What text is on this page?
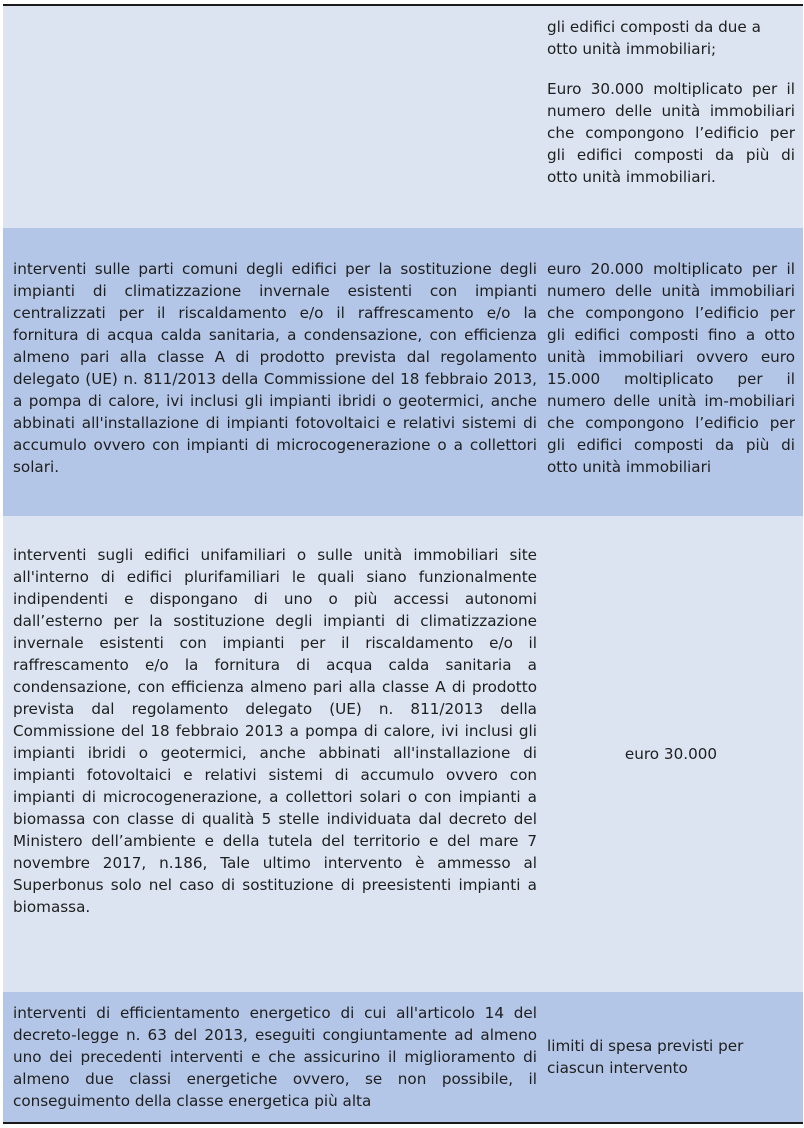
gli edifici composti da due a otto unità immobiliari;

Euro 30.000 moltiplicato per il numero delle unità immobiliari che compongono l’edificio per gli edifici composti da più di otto unità immobiliari.

interventi sulle parti comuni degli edifici per la sostituzione degli impianti di climatizzazione invernale esistenti con impianti centralizzati per il riscaldamento e/o il raffrescamento e/o la fornitura di acqua calda sanitaria, a condensazione, con efficienza almeno pari alla classe A di prodotto prevista dal regolamento delegato (UE) n. 811/2013 della Commissione del 18 febbraio 2013, a pompa di calore, ivi inclusi gli impianti ibridi o geotermici, anche abbinati all'installazione di impianti fotovoltaici e relativi sistemi di accumulo ovvero con impianti di microcogenerazione o a collettori solari.

euro 20.000 moltiplicato per il numero delle unità immobiliari che compongono l’edificio per gli edifici composti fino a otto unità immobiliari ovvero euro 15.000 moltiplicato per il numero delle unità im-mobiliari che compongono l’edificio per gli edifici composti da più di otto unità immobiliari

interventi sugli edifici unifamiliari o sulle unità immobiliari site all'interno di edifici plurifamiliari le quali siano funzionalmente indipendenti e dispongano di uno o più accessi autonomi dall’esterno per la sostituzione degli impianti di climatizzazione invernale esistenti con impianti per il riscaldamento e/o il raffrescamento e/o la fornitura di acqua calda sanitaria a condensazione, con efficienza almeno pari alla classe A di prodotto prevista dal regolamento delegato (UE) n. 811/2013 della Commissione del 18 febbraio 2013 a pompa di calore, ivi inclusi gli impianti ibridi o geotermici, anche abbinati all'installazione di impianti fotovoltaici e relativi sistemi di accumulo ovvero con impianti di microcogenerazione, a collettori solari o con impianti a biomassa con classe di qualità 5 stelle individuata dal decreto del Ministero dell’ambiente e della tutela del territorio e del mare 7 novembre 2017, n.186, Tale ultimo intervento è ammesso al Superbonus solo nel caso di sostituzione di preesistenti impianti a biomassa.

euro 30.000

interventi di efficientamento energetico di cui all'articolo 14 del decreto-legge n. 63 del 2013, eseguiti congiuntamente ad almeno uno dei precedenti interventi e che assicurino il miglioramento di almeno due classi energetiche ovvero, se non possibile, il conseguimento della classe energetica più alta

limiti di spesa previsti per ciascun intervento
